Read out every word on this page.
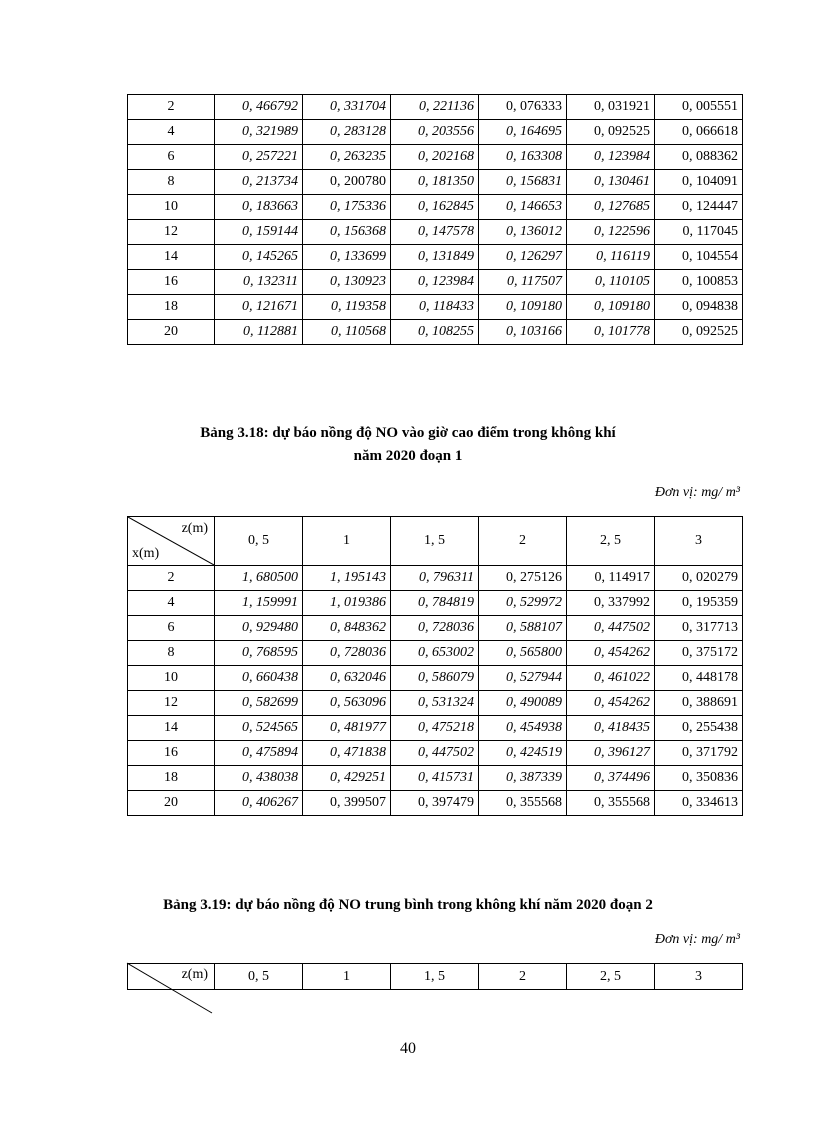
2	0, 466792	0, 331704	0, 221136	0, 076333	0, 031921	0, 005551
4	0, 321989	0, 283128	0, 203556	0, 164695	0, 092525	0, 066618
6	0, 257221	0, 263235	0, 202168	0, 163308	0, 123984	0, 088362
8	0, 213734	0, 200780	0, 181350	0, 156831	0, 130461	0, 104091
10	0, 183663	0, 175336	0, 162845	0, 146653	0, 127685	0, 124447
12	0, 159144	0, 156368	0, 147578	0, 136012	0, 122596	0, 117045
14	0, 145265	0, 133699	0, 131849	0, 126297	0, 116119	0, 104554
16	0, 132311	0, 130923	0, 123984	0, 117507	0, 110105	0, 100853
18	0, 121671	0, 119358	0, 118433	0, 109180	0, 109180	0, 094838
20	0, 112881	0, 110568	0, 108255	0, 103166	0, 101778	0, 092525
Bảng 3.18: dự báo nồng độ NO vào giờ cao điểm trong không khí
năm 2020 đoạn 1
Đơn vị: mg/ m³
z(m)
x(m)	0, 5	1	1, 5	2	2, 5	3
2	1, 680500	1, 195143	0, 796311	0, 275126	0, 114917	0, 020279
4	1, 159991	1, 019386	0, 784819	0, 529972	0, 337992	0, 195359
6	0, 929480	0, 848362	0, 728036	0, 588107	0, 447502	0, 317713
8	0, 768595	0, 728036	0, 653002	0, 565800	0, 454262	0, 375172
10	0, 660438	0, 632046	0, 586079	0, 527944	0, 461022	0, 448178
12	0, 582699	0, 563096	0, 531324	0, 490089	0, 454262	0, 388691
14	0, 524565	0, 481977	0, 475218	0, 454938	0, 418435	0, 255438
16	0, 475894	0, 471838	0, 447502	0, 424519	0, 396127	0, 371792
18	0, 438038	0, 429251	0, 415731	0, 387339	0, 374496	0, 350836
20	0, 406267	0, 399507	0, 397479	0, 355568	0, 355568	0, 334613
Bảng 3.19: dự báo nồng độ NO trung bình trong không khí năm 2020 đoạn 2
Đơn vị: mg/ m³
z(m)	0, 5	1	1, 5	2	2, 5	3
40
